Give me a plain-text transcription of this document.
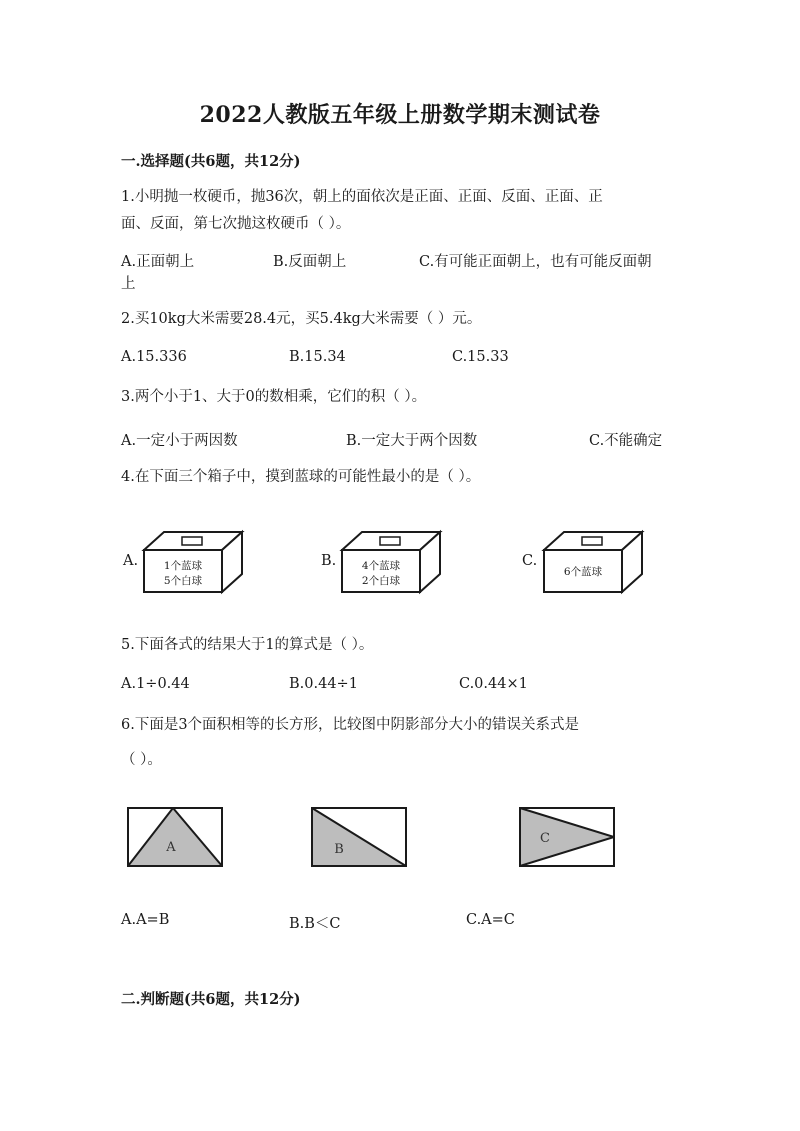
2022人教版五年级上册数学期末测试卷
一.选择题(共6题，共12分)
1.小明抛一枚硬币，抛36次，朝上的面依次是正面、正面、反面、正面、正
面、反面，第七次抛这枚硬币（ ）。
A.正面朝上	B.反面朝上	C.有可能正面朝上，也有可能反面朝
上
2.买10kg大米需要28.4元，买5.4kg大米需要（ ）元。
A.15.336	B.15.34	C.15.33
3.两个小于1、大于0的数相乘，它们的积（ ）。
A.一定小于两因数	B.一定大于两个因数	C.不能确定
4.在下面三个箱子中，摸到蓝球的可能性最小的是（ ）。
A. 1个蓝球
5个白球
B. 4个蓝球
2个白球
C.
6个蓝球
5.下面各式的结果大于1的算式是（ ）。
A.1÷0.44	B.0.44÷1	C.0.44×1
6.下面是3个面积相等的长方形，比较图中阴影部分大小的错误关系式是
（ ）。
A	B
C
A.A=B	B.B＜C	C.A=C
二.判断题(共6题，共12分)
